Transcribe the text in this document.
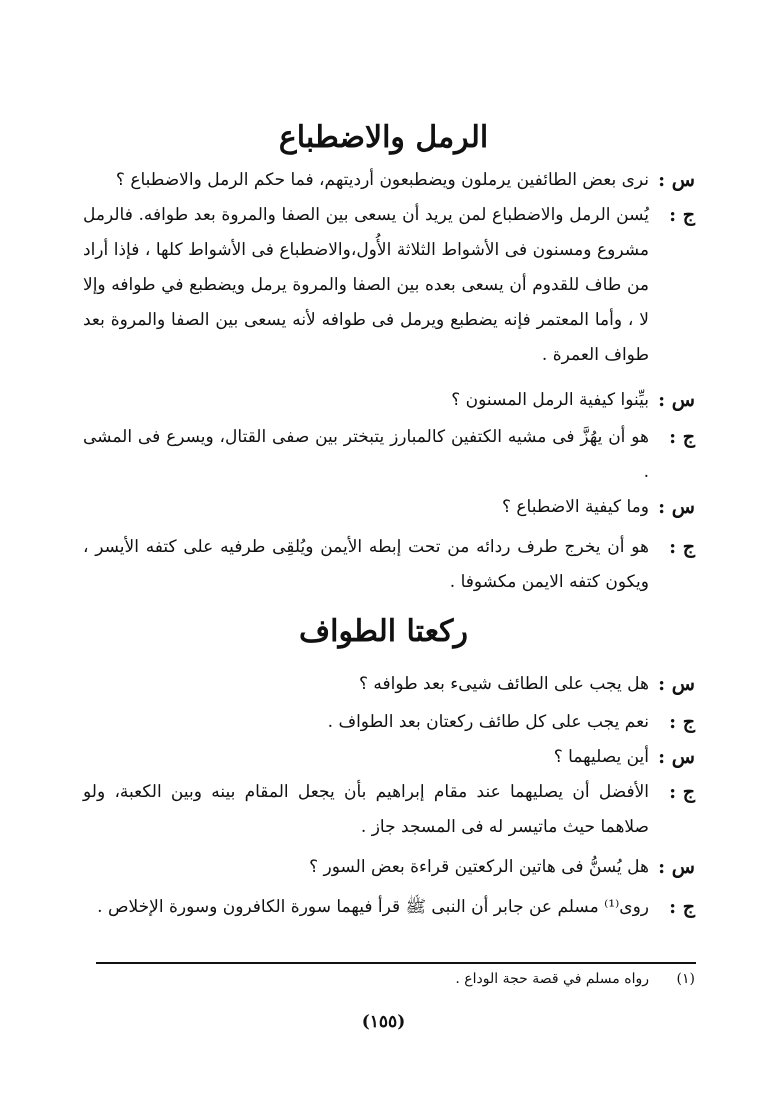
الرمل والاضطباع
س :
نرى بعض الطائفين يرملون ويضطبعون أرديتهم، فما حكم الرمل والاضطباع ؟
ج :
يُسن الرمل والاضطباع لمن يريد أن يسعى بين الصفا والمروة بعد طوافه. فالرمل مشروع ومسنون فى الأشواط الثلاثة الأُول،والاضطباع فى الأشواط كلها ، فإذا أراد من طاف للقدوم أن يسعى بعده بين الصفا والمروة يرمل ويضطبع في طوافه وإلا لا ، وأما المعتمر فإنه يضطبع ويرمل فى طوافه لأنه يسعى بين الصفا والمروة بعد طواف العمرة .
س :
بيِّنوا كيفية الرمل المسنون ؟
ج :
هو أن يهُزَّ فى مشيه الكتفين كالمبارز يتبختر بين صفى القتال، ويسرع فى المشى .
س :
وما كيفية الاضطباع ؟
ج :
هو أن يخرج طرف ردائه من تحت إبطه الأيمن ويُلقِى طرفيه على كتفه الأيسر ، ويكون كتفه الايمن مكشوفا .
ركعتا الطواف
س :
هل يجب على الطائف شيىء بعد طوافه ؟
ج :
نعم يجب على كل طائف ركعتان بعد الطواف .
س :
أين يصليهما ؟
ج :
الأفضل أن يصليهما عند مقام إبراهيم بأن يجعل المقام بينه وبين الكعبة، ولو صلاهما حيث ماتيسر له فى المسجد جاز .
س :
هل يُسنُّ فى هاتين الركعتين قراءة بعض السور ؟
ج :
روى⁽¹⁾ مسلم عن جابر أن النبى ﷺ قرأ فيهما سورة الكافرون وسورة الإخلاص .
(١)
رواه مسلم في قصة حجة الوداع .
(١٥٥)
